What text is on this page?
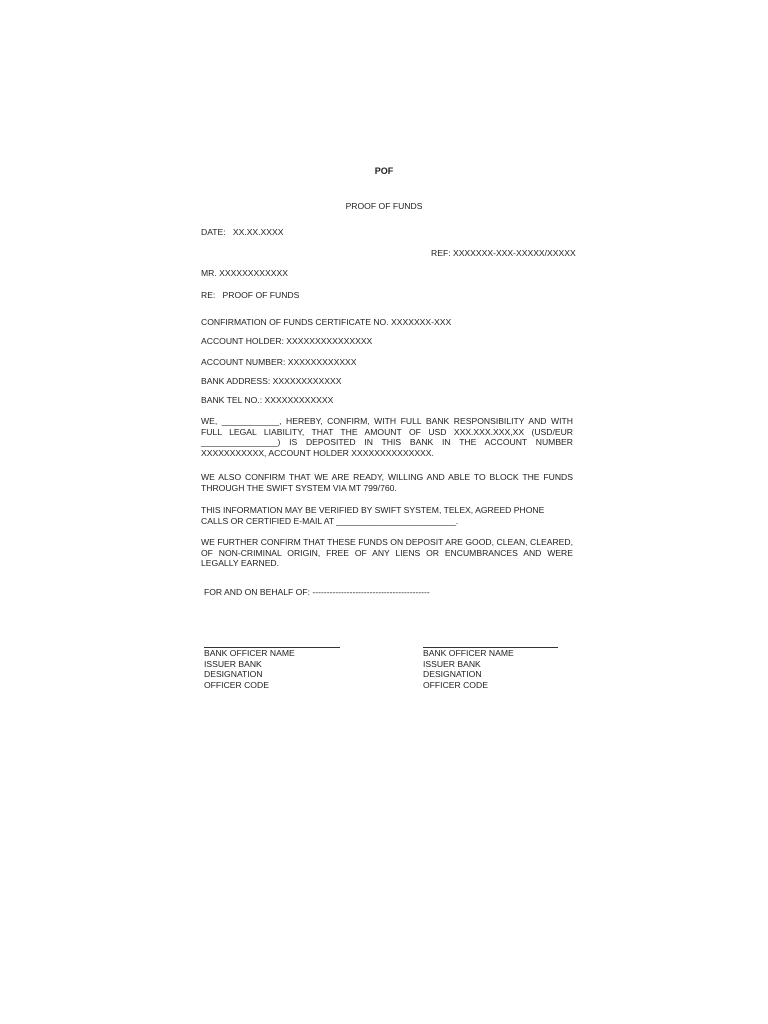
POF
PROOF OF FUNDS
DATE: XX.XX.XXXX
REF: XXXXXXX-XXX-XXXXX/XXXXX
MR. XXXXXXXXXXXX
RE: PROOF OF FUNDS
CONFIRMATION OF FUNDS CERTIFICATE NO. XXXXXXX-XXX
ACCOUNT HOLDER: XXXXXXXXXXXXXXX
ACCOUNT NUMBER: XXXXXXXXXXXX
BANK ADDRESS: XXXXXXXXXXXX
BANK TEL NO.: XXXXXXXXXXXX
WE, ____________, HEREBY, CONFIRM, WITH FULL BANK RESPONSIBILITY AND WITH FULL LEGAL LIABILITY, THAT THE AMOUNT OF USD XXX.XXX.XXX,XX (USD/EUR ________________) IS DEPOSITED IN THIS BANK IN THE ACCOUNT NUMBER XXXXXXXXXXX, ACCOUNT HOLDER XXXXXXXXXXXXXX.
WE ALSO CONFIRM THAT WE ARE READY, WILLING AND ABLE TO BLOCK THE FUNDS THROUGH THE SWIFT SYSTEM VIA MT 799/760.
THIS INFORMATION MAY BE VERIFIED BY SWIFT SYSTEM, TELEX, AGREED PHONE
CALLS OR CERTIFIED E-MAIL AT _________________________.
WE FURTHER CONFIRM THAT THESE FUNDS ON DEPOSIT ARE GOOD, CLEAN, CLEARED, OF NON-CRIMINAL ORIGIN, FREE OF ANY LIENS OR ENCUMBRANCES AND WERE LEGALLY EARNED.
FOR AND ON BEHALF OF: -----------------------------------------
BANK OFFICER NAME
ISSUER BANK
DESIGNATION
OFFICER CODE
BANK OFFICER NAME
ISSUER BANK
DESIGNATION
OFFICER CODE
